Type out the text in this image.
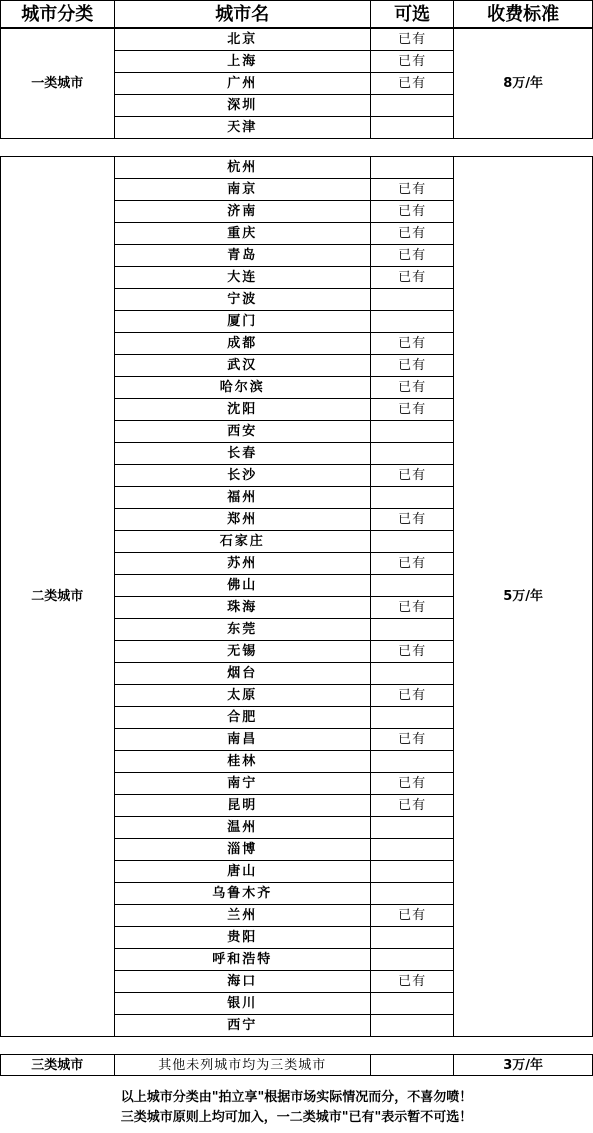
城市分类	城市名	可选	收费标准
一类城市	北京	已有	8万/年
	上海	已有	
	广州	已有	
	深圳		
	天津		
二类城市	杭州		5万/年
	南京	已有	
	济南	已有	
	重庆	已有	
	青岛	已有	
	大连	已有	
	宁波		
	厦门		
	成都	已有	
	武汉	已有	
	哈尔滨	已有	
	沈阳	已有	
	西安		
	长春		
	长沙	已有	
	福州		
	郑州	已有	
	石家庄		
	苏州	已有	
	佛山		
	珠海	已有	
	东莞		
	无锡	已有	
	烟台		
	太原	已有	
	合肥		
	南昌	已有	
	桂林		
	南宁	已有	
	昆明	已有	
	温州		
	淄博		
	唐山		
	乌鲁木齐		
	兰州	已有	
	贵阳		
	呼和浩特		
	海口	已有	
	银川		
	西宁		
三类城市	其他未列城市均为三类城市		3万/年
以上城市分类由"拍立享"根据市场实际情况而分，不喜勿喷！
三类城市原则上均可加入，一二类城市"已有"表示暂不可选！
